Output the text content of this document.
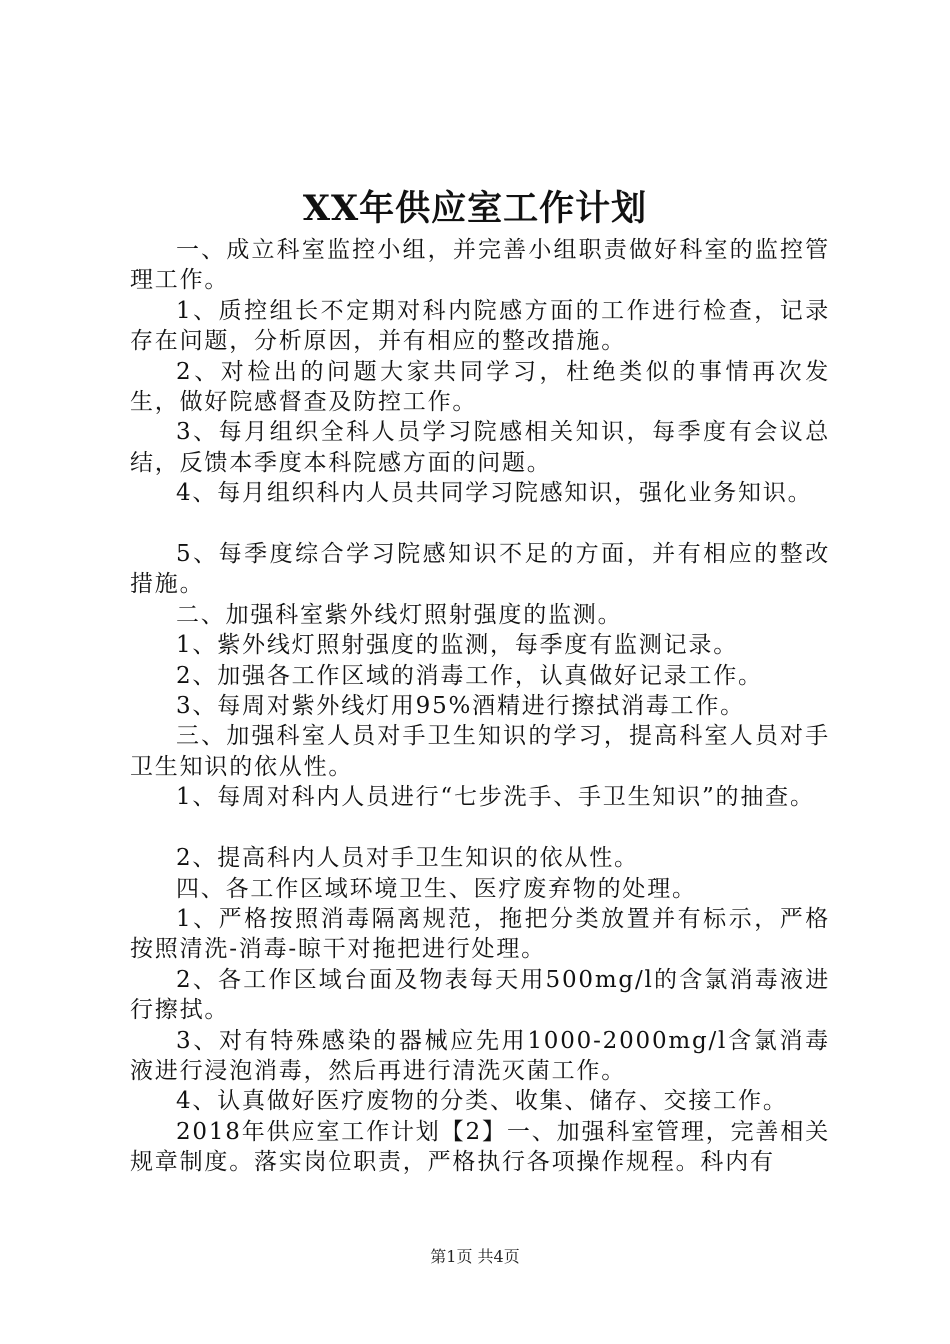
XX年供应室工作计划

一、成立科室监控小组，并完善小组职责做好科室的监控管理工作。

1、质控组长不定期对科内院感方面的工作进行检查，记录存在问题，分析原因，并有相应的整改措施。

2、对检出的问题大家共同学习，杜绝类似的事情再次发生，做好院感督查及防控工作。

3、每月组织全科人员学习院感相关知识，每季度有会议总结，反馈本季度本科院感方面的问题。

4、每月组织科内人员共同学习院感知识，强化业务知识。

5、每季度综合学习院感知识不足的方面，并有相应的整改措施。

二、加强科室紫外线灯照射强度的监测。

1、紫外线灯照射强度的监测，每季度有监测记录。

2、加强各工作区域的消毒工作，认真做好记录工作。

3、每周对紫外线灯用95%酒精进行擦拭消毒工作。

三、加强科室人员对手卫生知识的学习，提高科室人员对手卫生知识的依从性。

1、每周对科内人员进行“七步洗手、手卫生知识”的抽查。

2、提高科内人员对手卫生知识的依从性。

四、各工作区域环境卫生、医疗废弃物的处理。

1、严格按照消毒隔离规范，拖把分类放置并有标示，严格按照清洗-消毒-晾干对拖把进行处理。

2、各工作区域台面及物表每天用500mg/l的含氯消毒液进行擦拭。

3、对有特殊感染的器械应先用1000-2000mg/l含氯消毒液进行浸泡消毒，然后再进行清洗灭菌工作。

4、认真做好医疗废物的分类、收集、储存、交接工作。

2018年供应室工作计划【2】一、加强科室管理，完善相关规章制度。落实岗位职责，严格执行各项操作规程。科内有

第1页 共4页
